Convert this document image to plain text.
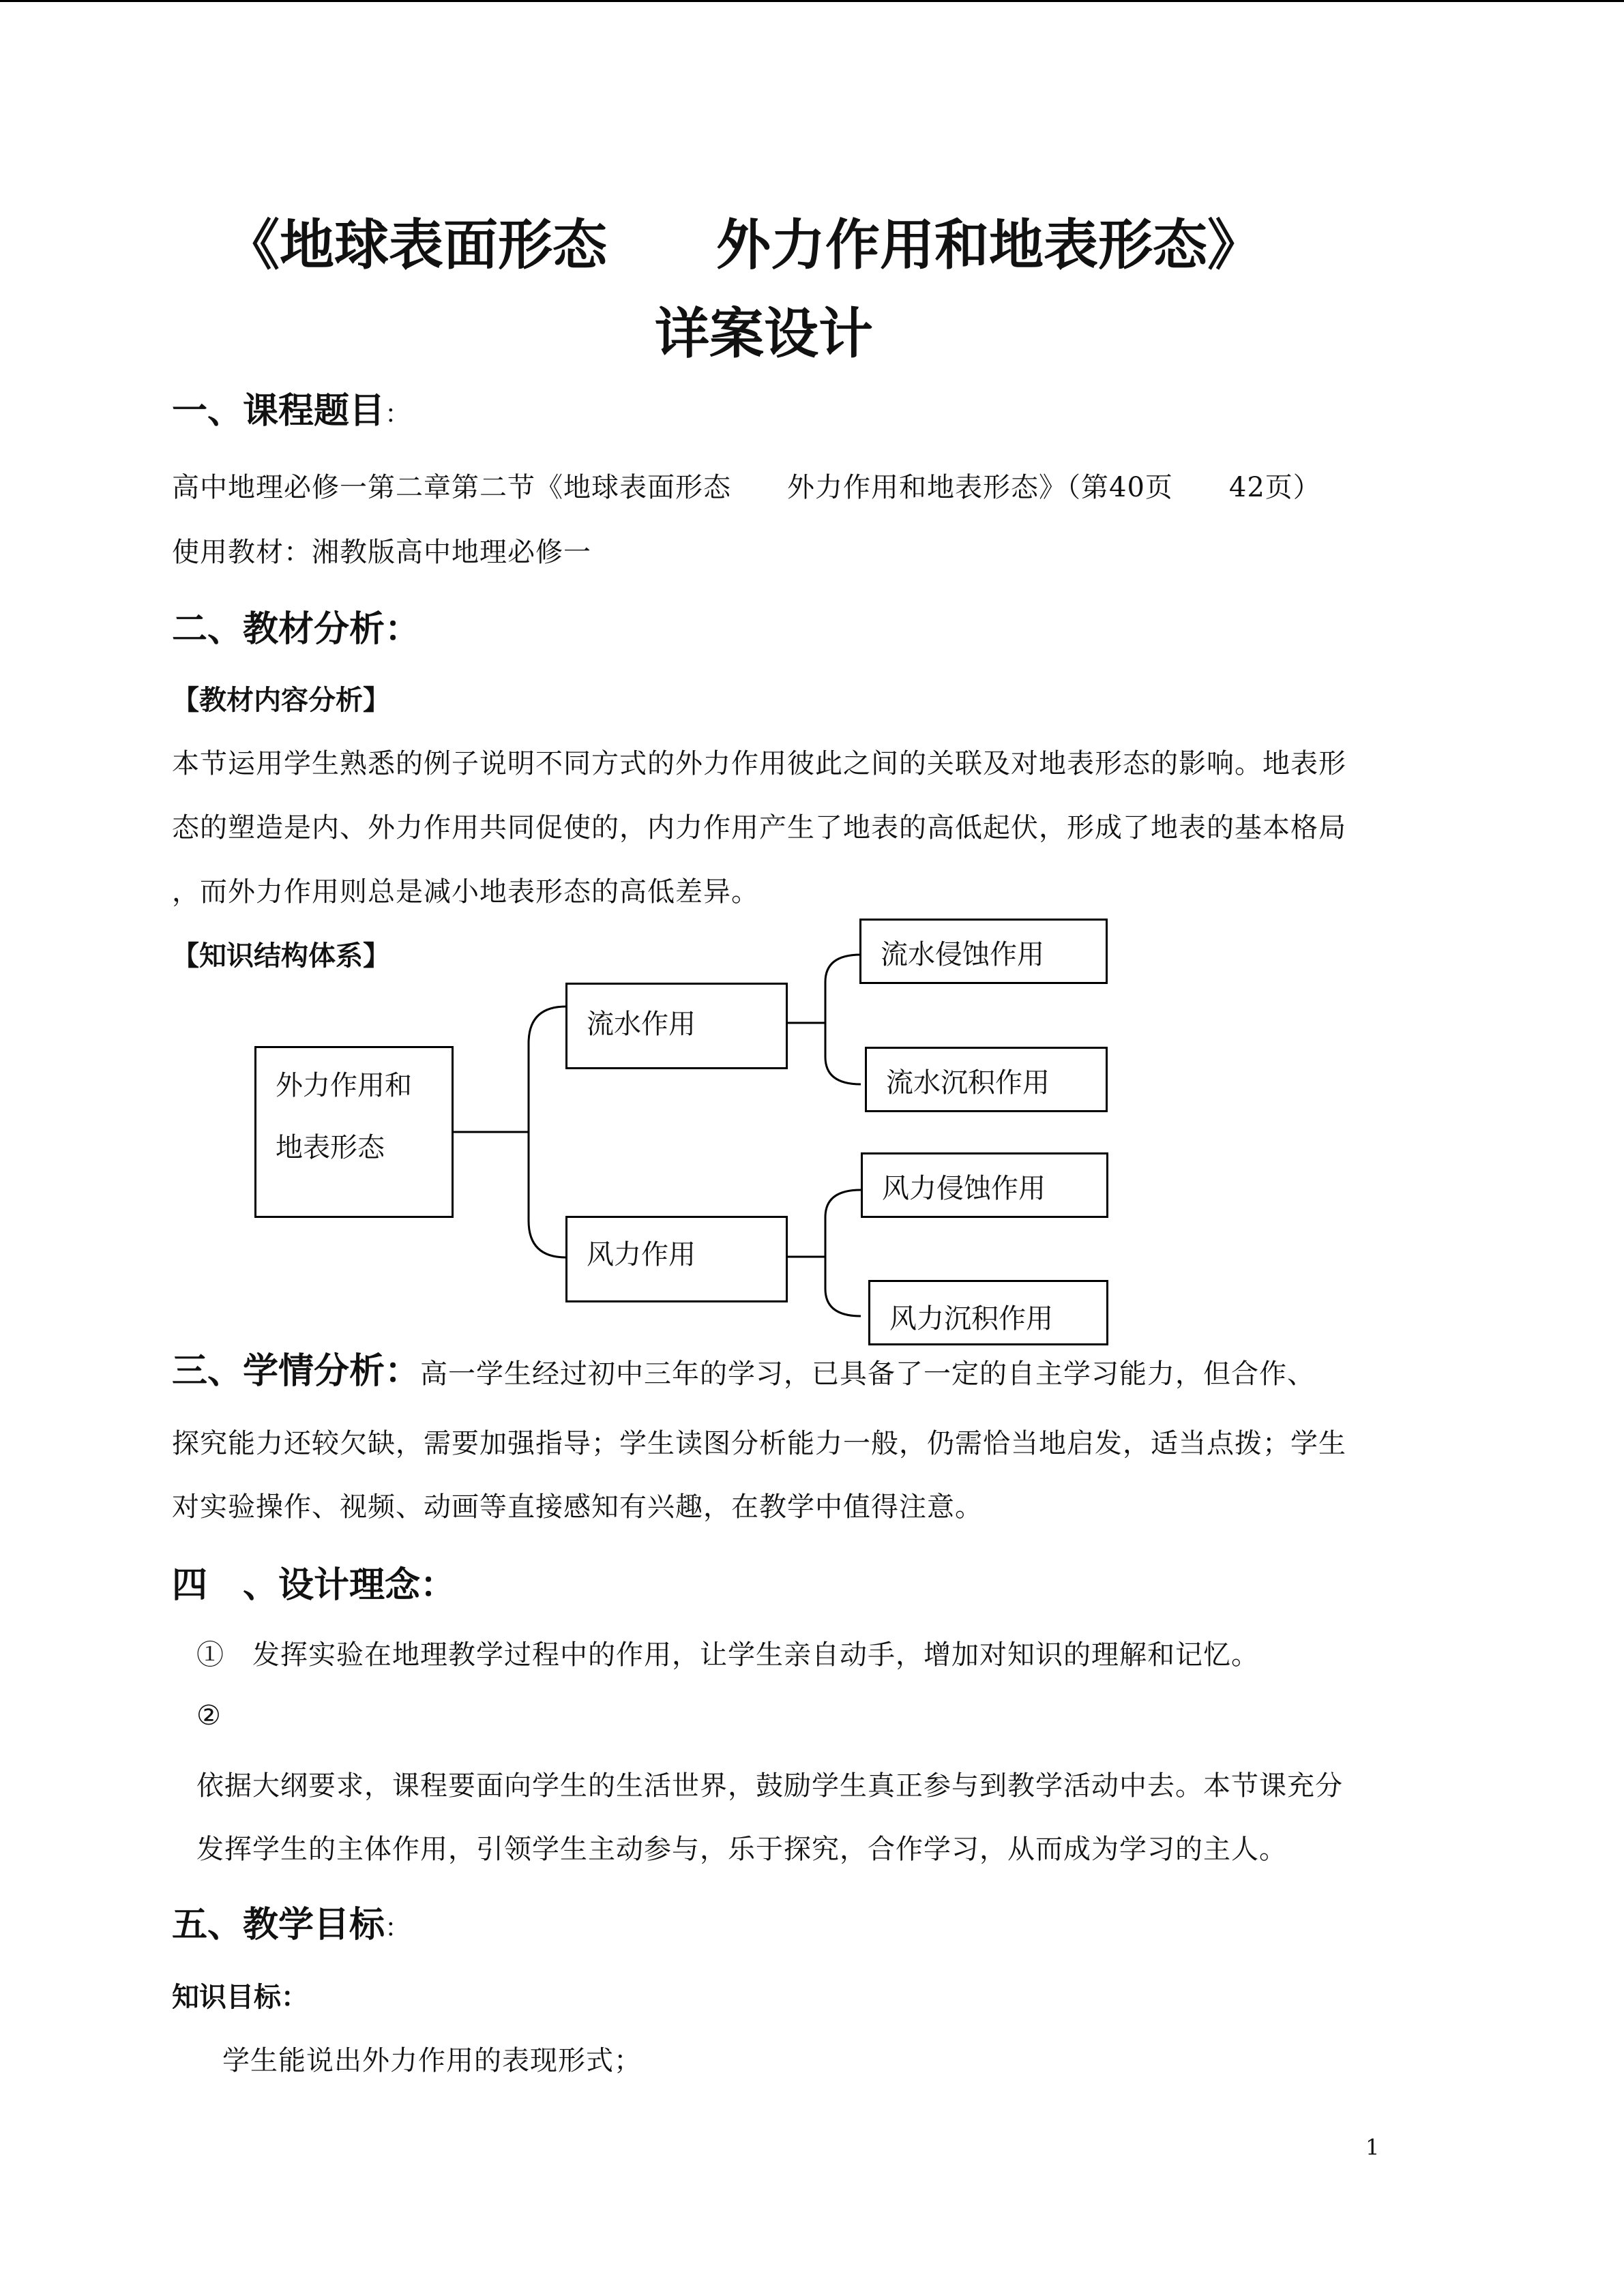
《地球表面形态　　外力作用和地表形态》
详案设计
一、课程题目：
高中地理必修一第二章第二节《地球表面形态　　外力作用和地表形态》（第40页　　42页）
使用教材：湘教版高中地理必修一
二、教材分析：
【教材内容分析】
本节运用学生熟悉的例子说明不同方式的外力作用彼此之间的关联及对地表形态的影响。地表形
态的塑造是内、外力作用共同促使的，内力作用产生了地表的高低起伏，形成了地表的基本格局
，而外力作用则总是减小地表形态的高低差异。
【知识结构体系】
外力作用和
地表形态
流水作用
风力作用
流水侵蚀作用
流水沉积作用
风力侵蚀作用
风力沉积作用
三、学情分析：高一学生经过初中三年的学习，已具备了一定的自主学习能力，但合作、
探究能力还较欠缺，需要加强指导；学生读图分析能力一般，仍需恰当地启发，适当点拨；学生
对实验操作、视频、动画等直接感知有兴趣，在教学中值得注意。
四　、设计理念：
①　发挥实验在地理教学过程中的作用，让学生亲自动手，增加对知识的理解和记忆。
②
依据大纲要求，课程要面向学生的生活世界，鼓励学生真正参与到教学活动中去。本节课充分
发挥学生的主体作用，引领学生主动参与，乐于探究，合作学习，从而成为学习的主人。
五、教学目标：
知识目标：
学生能说出外力作用的表现形式；
1
